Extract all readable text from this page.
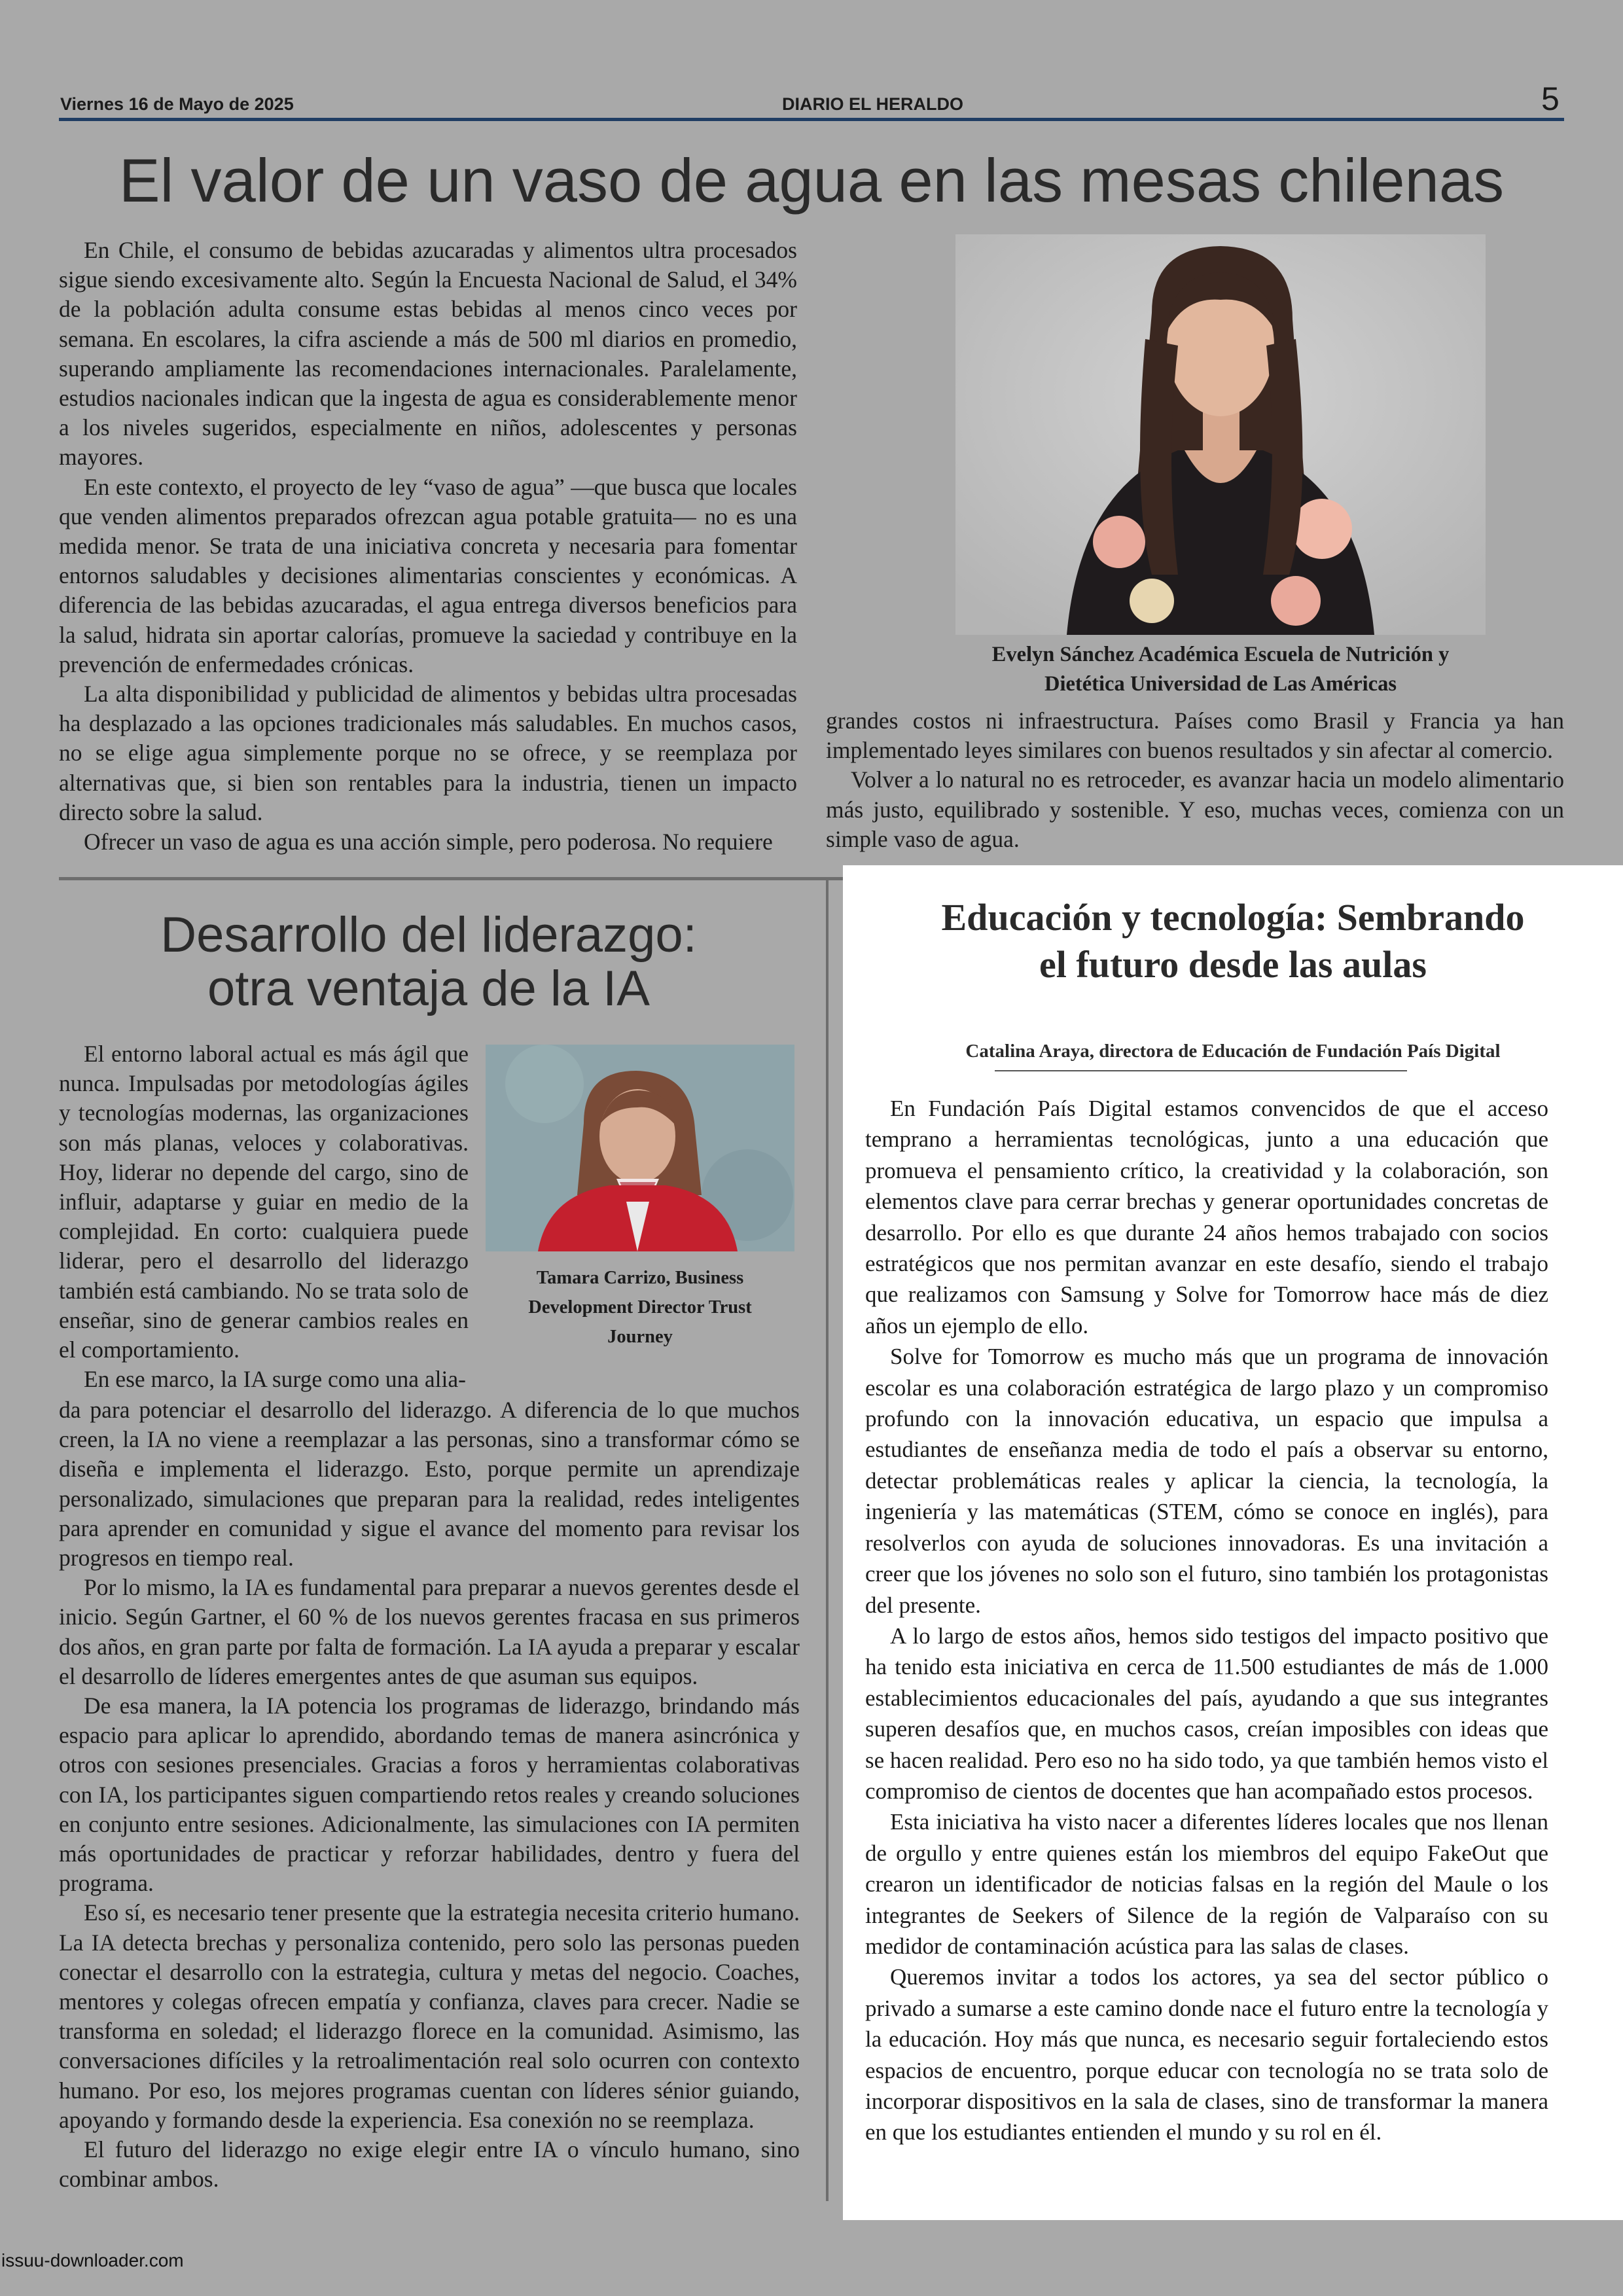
Viernes 16 de Mayo de 2025	DIARIO EL HERALDO	5
El valor de un vaso de agua en las mesas chilenas

En Chile, el consumo de bebidas azucaradas y alimentos ultra procesados sigue siendo excesivamente alto. Según la Encuesta Nacional de Salud, el 34% de la población adulta consume estas bebidas al menos cinco veces por semana. En escolares, la cifra asciende a más de 500 ml diarios en promedio, superando ampliamente las recomendaciones internacionales. Paralelamente, estudios nacionales indican que la ingesta de agua es considerablemente menor a los niveles sugeridos, especialmente en niños, adolescentes y personas mayores.

En este contexto, el proyecto de ley “vaso de agua” —que busca que locales que venden alimentos preparados ofrezcan agua potable gratuita— no es una medida menor. Se trata de una iniciativa concreta y necesaria para fomentar entornos saludables y decisiones alimentarias conscientes y económicas. A diferencia de las bebidas azucaradas, el agua entrega diversos beneficios para la salud, hidrata sin aportar calorías, promueve la saciedad y contribuye en la prevención de enfermedades crónicas.

La alta disponibilidad y publicidad de alimentos y bebidas ultra procesadas ha desplazado a las opciones tradicionales más saludables. En muchos casos, no se elige agua simplemente porque no se ofrece, y se reemplaza por alternativas que, si bien son rentables para la industria, tienen un impacto directo sobre la salud.

Ofrecer un vaso de agua es una acción simple, pero poderosa. No requiere

Evelyn Sánchez Académica Escuela de Nutrición y
Dietética Universidad de Las Américas

grandes costos ni infraestructura. Países como Brasil y Francia ya han implementado leyes similares con buenos resultados y sin afectar al comercio.

Volver a lo natural no es retroceder, es avanzar hacia un modelo alimentario más justo, equilibrado y sostenible. Y eso, muchas veces, comienza con un simple vaso de agua.

Desarrollo del liderazgo:
otra ventaja de la IA

El entorno laboral actual es más ágil que nunca. Impulsadas por metodologías ágiles y tecnologías modernas, las organizaciones son más planas, veloces y colaborativas. Hoy, liderar no depende del cargo, sino de influir, adaptarse y guiar en medio de la complejidad. En corto: cualquiera puede liderar, pero el desarrollo del liderazgo también está cambiando. No se trata solo de enseñar, sino de generar cambios reales en el comportamiento.

En ese marco, la IA surge como una alia-

Tamara Carrizo, Business
Development Director Trust
Journey

da para potenciar el desarrollo del liderazgo. A diferencia de lo que muchos creen, la IA no viene a reemplazar a las personas, sino a transformar cómo se diseña e implementa el liderazgo. Esto, porque permite un aprendizaje personalizado, simulaciones que preparan para la realidad, redes inteligentes para aprender en comunidad y sigue el avance del momento para revisar los progresos en tiempo real.

Por lo mismo, la IA es fundamental para preparar a nuevos gerentes desde el inicio. Según Gartner, el 60 % de los nuevos gerentes fracasa en sus primeros dos años, en gran parte por falta de formación. La IA ayuda a preparar y escalar el desarrollo de líderes emergentes antes de que asuman sus equipos.

De esa manera, la IA potencia los programas de liderazgo, brindando más espacio para aplicar lo aprendido, abordando temas de manera asincrónica y otros con sesiones presenciales. Gracias a foros y herramientas colaborativas con IA, los participantes siguen compartiendo retos reales y creando soluciones en conjunto entre sesiones. Adicionalmente, las simulaciones con IA permiten más oportunidades de practicar y reforzar habilidades, dentro y fuera del programa.

Eso sí, es necesario tener presente que la estrategia necesita criterio humano. La IA detecta brechas y personaliza contenido, pero solo las personas pueden conectar el desarrollo con la estrategia, cultura y metas del negocio. Coaches, mentores y colegas ofrecen empatía y confianza, claves para crecer. Nadie se transforma en soledad; el liderazgo florece en la comunidad. Asimismo, las conversaciones difíciles y la retroalimentación real solo ocurren con contexto humano. Por eso, los mejores programas cuentan con líderes sénior guiando, apoyando y formando desde la experiencia. Esa conexión no se reemplaza.

El futuro del liderazgo no exige elegir entre IA o vínculo humano, sino combinar ambos.

Educación y tecnología: Sembrando
el futuro desde las aulas
Catalina Araya, directora de Educación de Fundación País Digital

En Fundación País Digital estamos convencidos de que el acceso temprano a herramientas tecnológicas, junto a una educación que promueva el pensamiento crítico, la creatividad y la colaboración, son elementos clave para cerrar brechas y generar oportunidades concretas de desarrollo. Por ello es que durante 24 años hemos trabajado con socios estratégicos que nos permitan avanzar en este desafío, siendo el trabajo que realizamos con Samsung y Solve for Tomorrow hace más de diez años un ejemplo de ello.

Solve for Tomorrow es mucho más que un programa de innovación escolar es una colaboración estratégica de largo plazo y un compromiso profundo con la innovación educativa, un espacio que impulsa a estudiantes de enseñanza media de todo el país a observar su entorno, detectar problemáticas reales y aplicar la ciencia, la tecnología, la ingeniería y las matemáticas (STEM, cómo se conoce en inglés), para resolverlos con ayuda de soluciones innovadoras. Es una invitación a creer que los jóvenes no solo son el futuro, sino también los protagonistas del presente.

A lo largo de estos años, hemos sido testigos del impacto positivo que ha tenido esta iniciativa en cerca de 11.500 estudiantes de más de 1.000 establecimientos educacionales del país, ayudando a que sus integrantes superen desafíos que, en muchos casos, creían imposibles con ideas que se hacen realidad. Pero eso no ha sido todo, ya que también hemos visto el compromiso de cientos de docentes que han acompañado estos procesos.

Esta iniciativa ha visto nacer a diferentes líderes locales que nos llenan de orgullo y entre quienes están los miembros del equipo FakeOut que crearon un identificador de noticias falsas en la región del Maule o los integrantes de Seekers of Silence de la región de Valparaíso con su medidor de contaminación acústica para las salas de clases.

Queremos invitar a todos los actores, ya sea del sector público o privado a sumarse a este camino donde nace el futuro entre la tecnología y la educación. Hoy más que nunca, es necesario seguir fortaleciendo estos espacios de encuentro, porque educar con tecnología no se trata solo de incorporar dispositivos en la sala de clases, sino de transformar la manera en que los estudiantes entienden el mundo y su rol en él.

issuu-downloader.com
